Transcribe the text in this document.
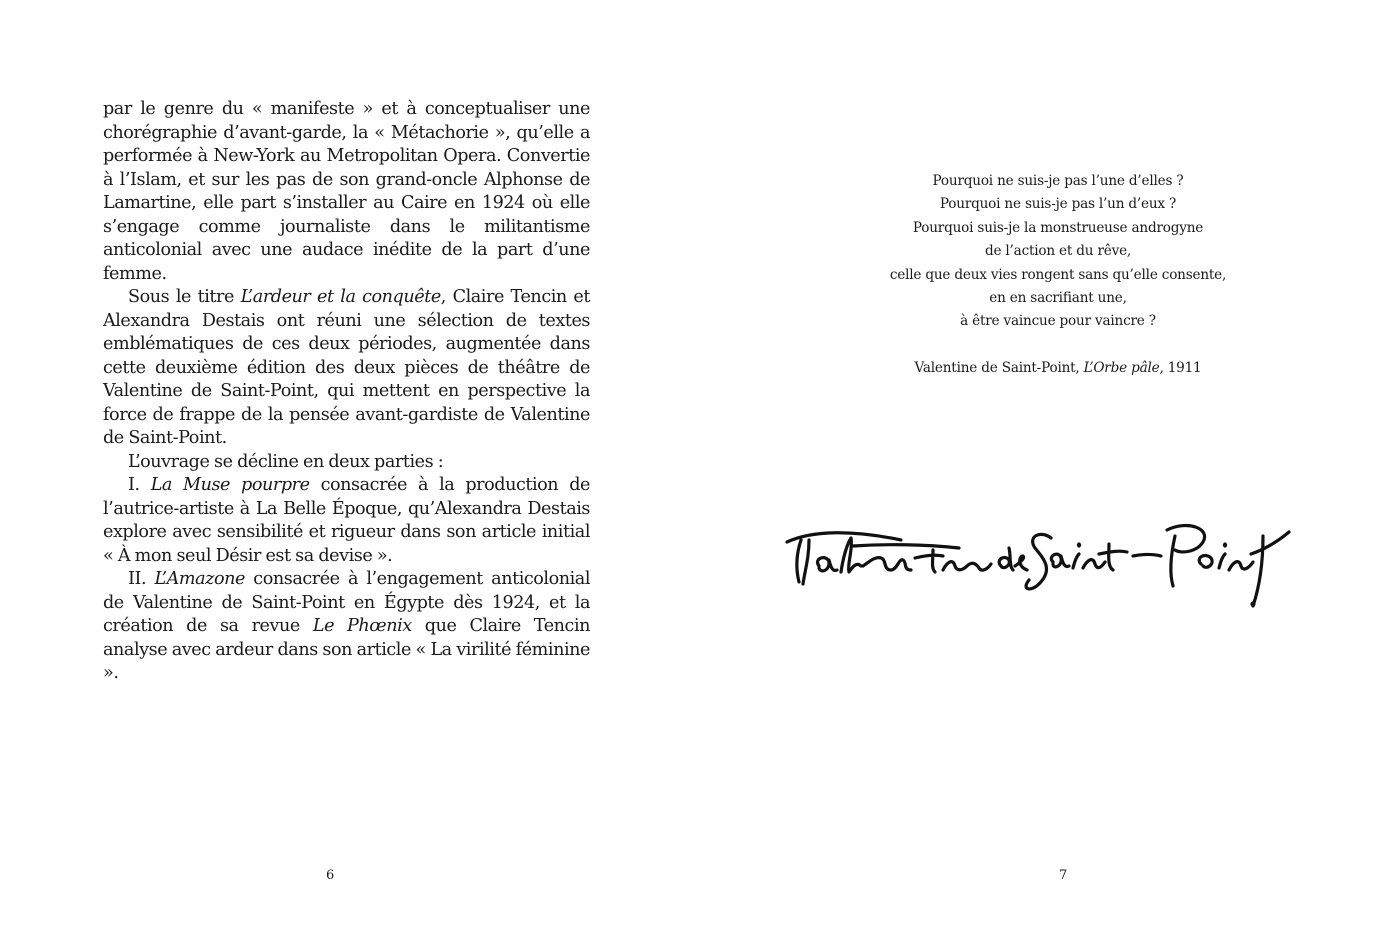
par le genre du « manifeste » et à conceptualiser une chorégraphie d’avant-garde, la « Métachorie », qu’elle a performée à New-York au Metropolitan Opera. Convertie à l’Islam, et sur les pas de son grand-oncle Alphonse de Lamartine, elle part s’installer au Caire en 1924 où elle s’engage comme journaliste dans le militantisme anticolonial avec une audace inédite de la part d’une femme.

Sous le titre L’ardeur et la conquête, Claire Tencin et Alexandra Destais ont réuni une sélection de textes emblématiques de ces deux périodes, augmentée dans cette deuxième édition des deux pièces de théâtre de Valentine de Saint-Point, qui mettent en perspective la force de frappe de la pensée avant-gardiste de Valentine de Saint-Point.

L’ouvrage se décline en deux parties :

I. La Muse pourpre consacrée à la production de l’autrice-artiste à La Belle Époque, qu’Alexandra Destais explore avec sensibilité et rigueur dans son article initial « À mon seul Désir est sa devise ».

II. L’Amazone consacrée à l’engagement anticolonial de Valentine de Saint-Point en Égypte dès 1924, et la création de sa revue Le Phœnix que Claire Tencin analyse avec ardeur dans son article « La virilité féminine ».

6
Pourquoi ne suis-je pas l’une d’elles ?
Pourquoi ne suis-je pas l’un d’eux ?
Pourquoi suis-je la monstrueuse androgyne
de l’action et du rêve,
celle que deux vies rongent sans qu’elle consente,
en en sacrifiant une,
à être vaincue pour vaincre ?
Valentine de Saint-Point, L’Orbe pâle, 1911
7
